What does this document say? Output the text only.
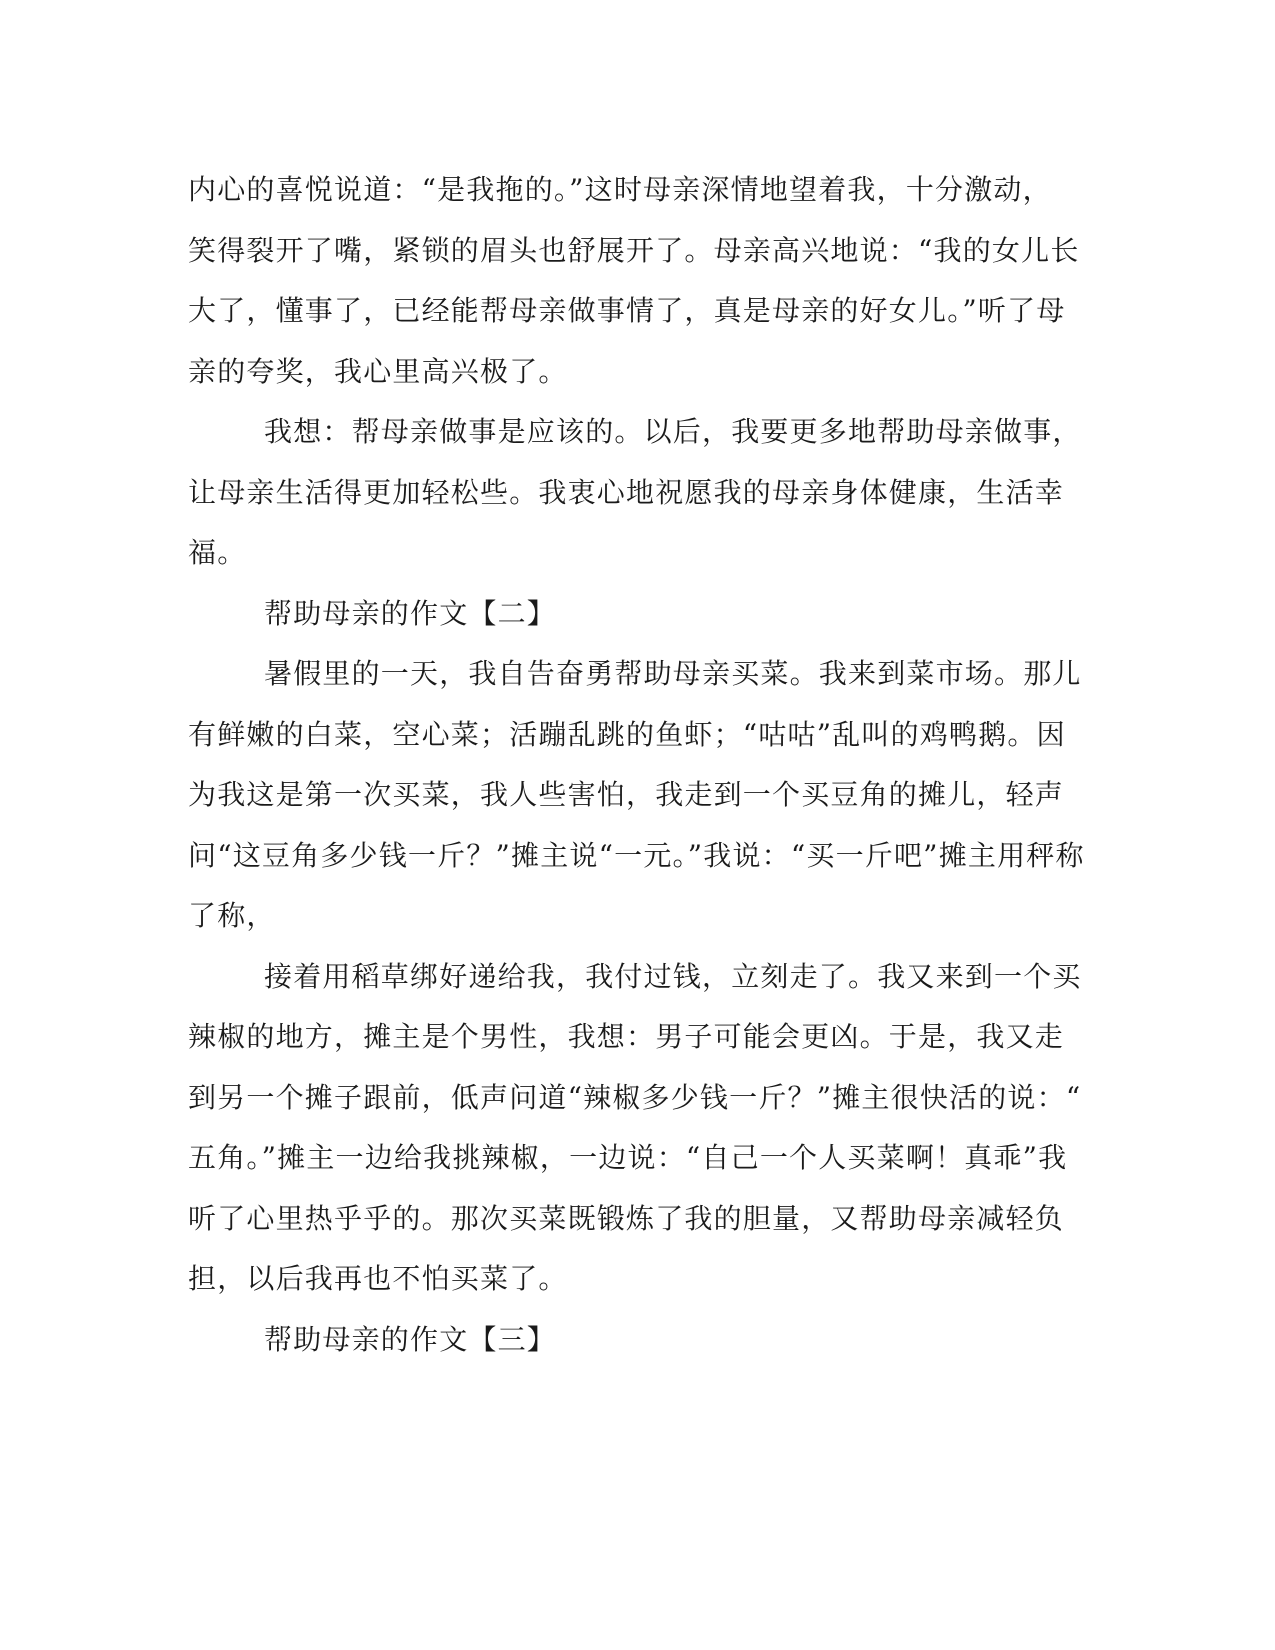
内心的喜悦说道：“是我拖的。”这时母亲深情地望着我，十分激动，
笑得裂开了嘴，紧锁的眉头也舒展开了。母亲高兴地说：“我的女儿长
大了，懂事了，已经能帮母亲做事情了，真是母亲的好女儿。”听了母
亲的夸奖，我心里高兴极了。
我想：帮母亲做事是应该的。以后，我要更多地帮助母亲做事，
让母亲生活得更加轻松些。我衷心地祝愿我的母亲身体健康，生活幸
福。
帮助母亲的作文【二】
暑假里的一天，我自告奋勇帮助母亲买菜。我来到菜市场。那儿
有鲜嫩的白菜，空心菜；活蹦乱跳的鱼虾；“咕咕”乱叫的鸡鸭鹅。因
为我这是第一次买菜，我人些害怕，我走到一个买豆角的摊儿，轻声
问“这豆角多少钱一斤？”摊主说“一元。”我说：“买一斤吧”摊主用秤称
了称，
接着用稻草绑好递给我，我付过钱，立刻走了。我又来到一个买
辣椒的地方，摊主是个男性，我想：男子可能会更凶。于是，我又走
到另一个摊子跟前，低声问道“辣椒多少钱一斤？”摊主很快活的说：“
五角。”摊主一边给我挑辣椒，一边说：“自己一个人买菜啊！真乖”我
听了心里热乎乎的。那次买菜既锻炼了我的胆量，又帮助母亲减轻负
担，以后我再也不怕买菜了。
帮助母亲的作文【三】
